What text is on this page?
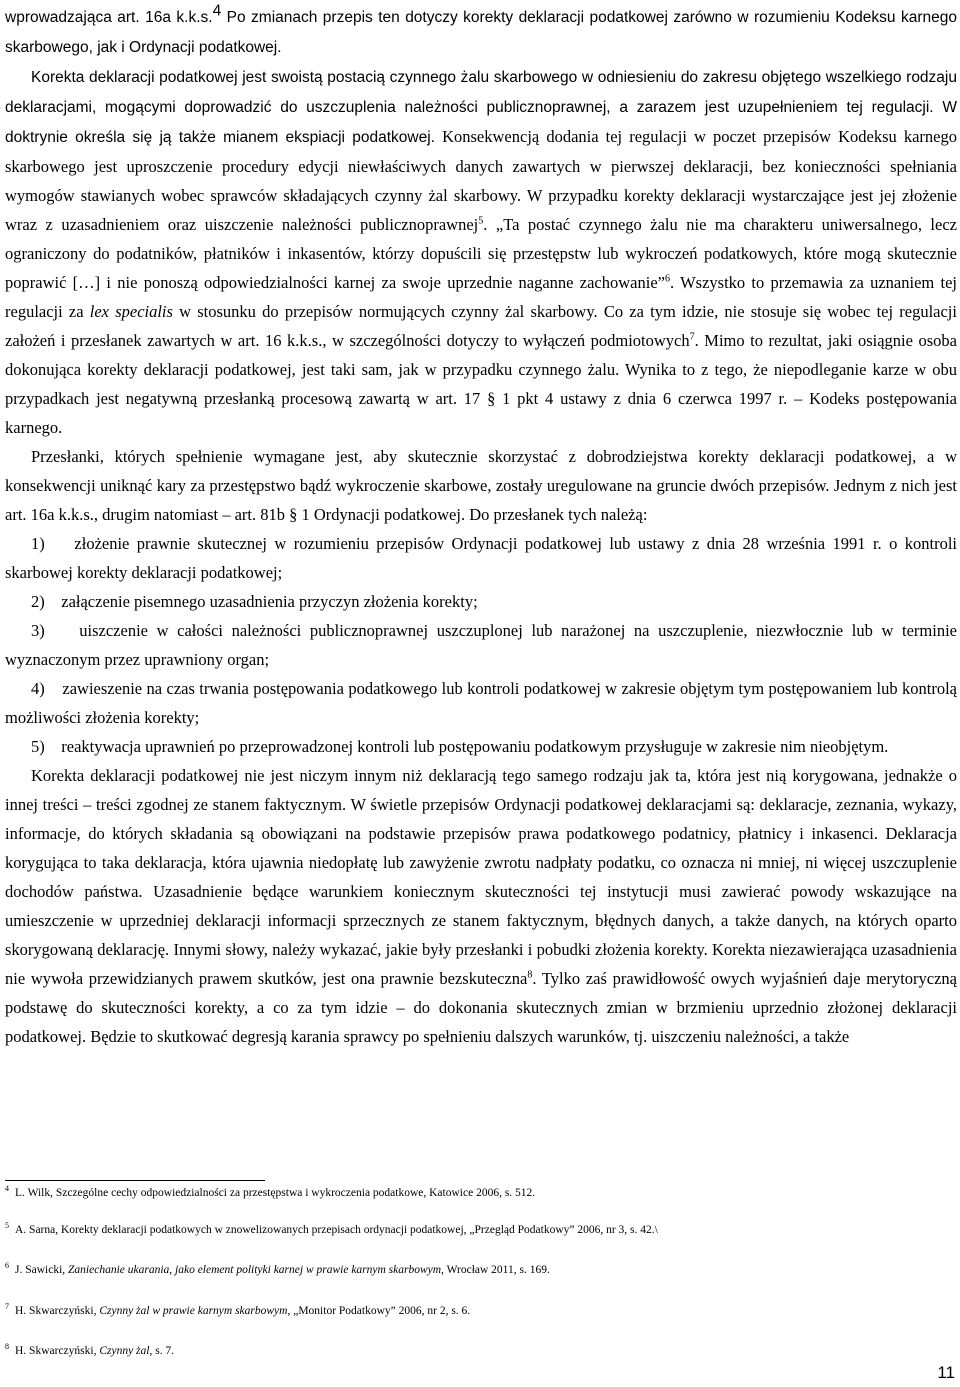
wprowadzająca art. 16a k.k.s.$^4$ Po zmianach przepis ten dotyczy korekty deklaracji podatkowej zarówno w rozumieniu Kodeksu karnego skarbowego, jak i Ordynacji podatkowej.

Korekta deklaracji podatkowej jest swoistą postacią czynnego żalu skarbowego w odniesieniu do zakresu objętego wszelkiego rodzaju deklaracjami, mogącymi doprowadzić do uszczuplenia należności publicznoprawnej, a zarazem jest uzupełnieniem tej regulacji. W doktrynie określa się ją także mianem ekspiacji podatkowej. Konsekwencją dodania tej regulacji w poczet przepisów Kodeksu karnego skarbowego jest uproszczenie procedury edycji niewłaściwych danych zawartych w pierwszej deklaracji, bez konieczności spełniania wymogów stawianych wobec sprawców składających czynny żal skarbowy. W przypadku korekty deklaracji wystarczające jest jej złożenie wraz z uzasadnieniem oraz uiszczenie należności publicznoprawnej$^5$. „Ta postać czynnego żalu nie ma charakteru uniwersalnego, lecz ograniczony do podatników, płatników i inkasentów, którzy dopuścili się przestępstw lub wykroczeń podatkowych, które mogą skutecznie poprawić […] i nie ponoszą odpowiedzialności karnej za swoje uprzednie naganne zachowanie”$^6$. Wszystko to przemawia za uznaniem tej regulacji za lex specialis w stosunku do przepisów normujących czynny żal skarbowy. Co za tym idzie, nie stosuje się wobec tej regulacji założeń i przesłanek zawartych w art. 16 k.k.s., w szczególności dotyczy to wyłączeń podmiotowych$^7$. Mimo to rezultat, jaki osiągnie osoba dokonująca korekty deklaracji podatkowej, jest taki sam, jak w przypadku czynnego żalu. Wynika to z tego, że niepodleganie karze w obu przypadkach jest negatywną przesłanką procesową zawartą w art. 17 § 1 pkt 4 ustawy z dnia 6 czerwca 1997 r. – Kodeks postępowania karnego.

Przesłanki, których spełnienie wymagane jest, aby skutecznie skorzystać z dobrodziejstwa korekty deklaracji podatkowej, a w konsekwencji uniknąć kary za przestępstwo bądź wykroczenie skarbowe, zostały uregulowane na gruncie dwóch przepisów. Jednym z nich jest art. 16a k.k.s., drugim natomiast – art. 81b § 1 Ordynacji podatkowej. Do przesłanek tych należą:

1) złożenie prawnie skutecznej w rozumieniu przepisów Ordynacji podatkowej lub ustawy z dnia 28 września 1991 r. o kontroli skarbowej korekty deklaracji podatkowej;

2) załączenie pisemnego uzasadnienia przyczyn złożenia korekty;

3) uiszczenie w całości należności publicznoprawnej uszczuplonej lub narażonej na uszczuplenie, niezwłocznie lub w terminie wyznaczonym przez uprawniony organ;

4) zawieszenie na czas trwania postępowania podatkowego lub kontroli podatkowej w zakresie objętym tym postępowaniem lub kontrolą możliwości złożenia korekty;

5) reaktywacja uprawnień po przeprowadzonej kontroli lub postępowaniu podatkowym przysługuje w zakresie nim nieobjętym.

Korekta deklaracji podatkowej nie jest niczym innym niż deklaracją tego samego rodzaju jak ta, która jest nią korygowana, jednakże o innej treści – treści zgodnej ze stanem faktycznym. W świetle przepisów Ordynacji podatkowej deklaracjami są: deklaracje, zeznania, wykazy, informacje, do których składania są obowiązani na podstawie przepisów prawa podatkowego podatnicy, płatnicy i inkasenci. Deklaracja korygująca to taka deklaracja, która ujawnia niedopłatę lub zawyżenie zwrotu nadpłaty podatku, co oznacza ni mniej, ni więcej uszczuplenie dochodów państwa. Uzasadnienie będące warunkiem koniecznym skuteczności tej instytucji musi zawierać powody wskazujące na umieszczenie w uprzedniej deklaracji informacji sprzecznych ze stanem faktycznym, błędnych danych, a także danych, na których oparto skorygowaną deklarację. Innymi słowy, należy wykazać, jakie były przesłanki i pobudki złożenia korekty. Korekta niezawierająca uzasadnienia nie wywoła przewidzianych prawem skutków, jest ona prawnie bezskuteczna$^8$. Tylko zaś prawidłowość owych wyjaśnień daje merytoryczną podstawę do skuteczności korekty, a co za tym idzie – do dokonania skutecznych zmian w brzmieniu uprzednio złożonej deklaracji podatkowej. Będzie to skutkować degresją karania sprawcy po spełnieniu dalszych warunków, tj. uiszczeniu należności, a także

$^4$ L. Wilk, Szczególne cechy odpowiedzialności za przestępstwa i wykroczenia podatkowe, Katowice 2006, s. 512.
$^5$ A. Sarna, Korekty deklaracji podatkowych w znowelizowanych przepisach ordynacji podatkowej, „Przegląd Podatkowy” 2006, nr 3, s. 42.\
$^6$ J. Sawicki, Zaniechanie ukarania, jako element polityki karnej w prawie karnym skarbowym, Wrocław 2011, s. 169.
$^7$ H. Skwarczyński, Czynny żal w prawie karnym skarbowym, „Monitor Podatkowy” 2006, nr 2, s. 6.
$^8$ H. Skwarczyński, Czynny żal, s. 7.
11
